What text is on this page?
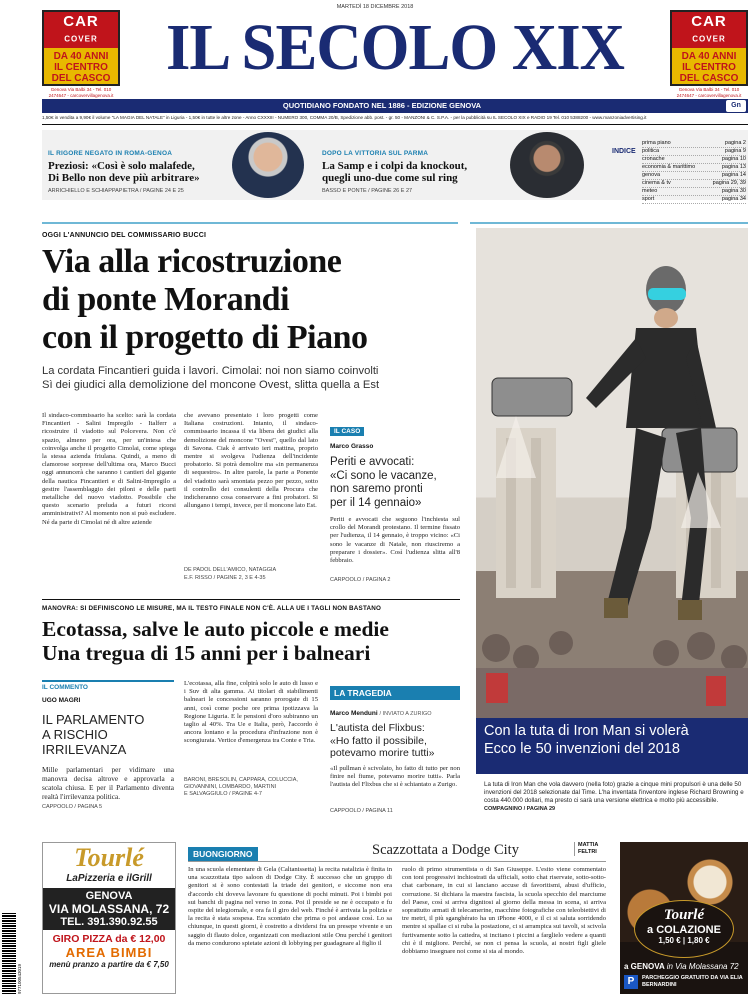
MARTEDÌ 18 DICEMBRE 2018
CAR COVER
DA 40 ANNI
IL CENTRO
DEL CASCO
Genova Via Balbi 34 - Tel. 010 2474647 - carcovervillagenova.it
CAR COVER
DA 40 ANNI
IL CENTRO
DEL CASCO
Genova Via Balbi 34 - Tel. 010 2474647 - carcovervillagenova.it
IL SECOLO XIX
QUOTIDIANO FONDATO NEL 1886 - EDIZIONE GENOVA	Gn
1,50€ in vendita a 9,90€ il volume "LA MAGIA DEL NATALE" in Liguria - 1,50€ in tutte le altre zone - Anno CXXXIII - NUMERO 300, COMMA 20/B, Spedizione abb. post. - gr. 50 - MANZONI & C. S.P.A. - per la pubblicità su IL SECOLO XIX e RADIO 19 Tel. 010 5388200 - www.manzoniadvertising.it
IL RIGORE NEGATO IN ROMA-GENOA
Preziosi: «Così è solo malafede,
Di Bello non deve più arbitrare»
ARRICHIELLO E SCHIAPPAPIETRA / PAGINE 24 E 25
DOPO LA VITTORIA SUL PARMA
La Samp e i colpi da knockout,
quegli uno-due come sul ring
BASSO E PONTE / PAGINE 26 E 27
INDICE
prima piano	pagina 2
politica	pagina 9
cronache	pagina 10
economia & marittimo	pagina 13
genova	pagina 14
cinema & tv	pagina 29, 39
meteo	pagina 30
sport	pagina 34
OGGI L'ANNUNCIO DEL COMMISSARIO BUCCI
Via alla ricostruzione
di ponte Morandi
con il progetto di Piano
La cordata Fincantieri guida i lavori. Cimolai: noi non siamo coinvolti
Sì dei giudici alla demolizione del moncone Ovest, slitta quella a Est

Il sindaco-commissario ha scelto: sarà la cordata Fincantieri - Salini Impregilo - Italferr a ricostruire il viadotto sul Polcevera. Non c'è spazio, almeno per ora, per un'intesa che coinvolga anche il progetto Cimolai, come spiega la stessa azienda friulana. Quindi, a meno di clamorose sorprese dell'ultima ora, Marco Bucci oggi annuncerà che saranno i cantieri del gigante della nautica Fincantieri e di Salini-Impregilo a gestire l'assemblaggio dei piloni e delle parti metalliche del nuovo viadotto. Possibile che questo scenario preluda a futuri ricorsi amministrativi? Al momento non si può escludere. Né da parte di Cimolai né di altre aziende

che avevano presentato i loro progetti come Italiana costruzioni. Intanto, il sindaco-commissario incassa il via libera dei giudici alla demolizione del moncone "Ovest", quello dal lato di Savona. Ciak è arrivato ieri mattina, proprio mentre si svolgeva l'udienza dell'incidente probatorio. Si potrà demolire ma «in permanenza di sequestro». In altre parole, la parte a Ponente del viadotto sarà smontata pezzo per pezzo, sotto il controllo dei consulenti della Procura che indicheranno cosa conservare a fini probatori. Si allungano i tempi, invece, per il moncone lato Est.

DE PADOL DELL'AMICO, NATAGGIA
E.F. RISSO / PAGINE 2, 3 E 4-35
IL CASO
Marco Grasso
Periti e avvocati:
«Ci sono le vacanze,
non saremo pronti
per il 14 gennaio»

Periti e avvocati che seguono l'inchiesta sul crollo del Morandi protestano. Il termine fissato per l'udienza, il 14 gennaio, è troppo vicino: «Ci sono le vacanze di Natale, non riusciremo a preparare i dossier». Così l'udienza slitta all'8 febbraio.

CARPOOLO / PAGINA 2
Con la tuta di Iron Man si volerà
Ecco le 50 invenzioni del 2018
La tuta di Iron Man che vola davvero (nella foto) grazie a cinque mini propulsori è una delle 50 invenzioni del 2018 selezionate dal Time. L'ha inventata l'inventore inglese Richard Browning e costa 440.000 dollari, ma presto ci sarà una versione elettrica e molto più accessibile. COMPAGNINO / PAGINA 29
MANOVRA: SI DEFINISCONO LE MISURE, MA IL TESTO FINALE NON C'È. ALLA UE I TAGLI NON BASTANO
Ecotassa, salve le auto piccole e medie
Una tregua di 15 anni per i balneari
IL COMMENTO
UGO MAGRI
IL PARLAMENTO
A RISCHIO
IRRILEVANZA

Mille parlamentari per vidimare una manovra decisa altrove e approvarla a scatola chiusa. E per il Parlamento diventa realtà l'irrilevanza politica.

CAPPOOLO / PAGINA 5

L'ecotassa, alla fine, colpirà solo le auto di lusso e i Suv di alta gamma. Ai titolari di stabilimenti balneari le concessioni saranno prorogate di 15 anni, così come poche ore prima ipotizzava la Regione Liguria. E le pensioni d'oro subiranno un taglio al 40%. Tra Ue e Italia, però, l'accordo è ancora lontano e la procedura d'infrazione non è scongiurata. Vertice d'emergenza tra Conte e Tria.

BARONI, BRESOLIN, CAPPARA, COLUCCIA, GIOVANNINI, LOMBARDO, MARTINI
E SALVAGGIULO / PAGINE 4-7
LA TRAGEDIA
Marco Menduni / INVIATO A ZURIGO
L'autista del Flixbus:
«Ho fatto il possibile,
potevamo morire tutti»

«Il pullman è scivolato, ho fatto di tutto per non finire nel fiume, potevamo morire tutti». Parla l'autista del Flixbus che si è schiantato a Zurigo.

CAPPOOLO / PAGINA 11
Tourlé
LaPizzeria e ilGrill
GENOVA
VIA MOLASSANA, 72
TEL. 391.390.92.55
GIRO PIZZA da € 12,00
AREA BIMBI
menù pranzo a partire da € 7,50
977100543019
BUONGIORNO	Scazzottata a Dodge City	MATTIA FELTRI

In una scuola elementare di Gela (Caltanissetta) la recita natalizia è finita in una scazzottata tipo saloon di Dodge City. È successo che un gruppo di genitori si è sono contestati la triade dei genitori, e siccome non era d'accordo chi doveva lavorare fu questione di pochi minuti. Poi i bimbi poi sui banchi di pagina nel verso in zona. Poi il preside se ne è occupato e fu ospite del telegiornale, e ora fa il giro del web. Finché è arrivata la polizia e la recita è stata sospesa. Era scontato che prima o poi andasse così. Lo sa chiunque, in questi giorni, è costretto a dividersi fra un presepe vivente e un saggio di flauto dolce, organizzati con mediazioni stile Onu perché i genitori da meno condurono spietate azioni di lobbying per guadagnare al figlio il

ruolo di primo strumentista o di San Giuseppe. L'esito viene commentato con toni progressivi inchiostrati da ufficiali, sotto chat riservate, sotto-sotto-chat carbonare, in cui si lanciano accuse di favoritismi, abusi d'ufficio, corruzione. Si dichiara la maestra fascista, la scuola specchio del marciume del Paese, così si arriva dignitosi al giorno della messa in scena, si arriva soprattutto armati di telecamerine, macchine fotografiche con teleobiettivi di tre metri, il più sganghérato ha un iPhone 4000, e il ci si saluta sorridendo mentre si spallae ci si ruba la postazione, ci si arrampica sui tavoli, si scivola furtivamente sotto la cattedra, si incitano i piccini a farglielo vedere a quanti chi è il migliore. Perché, se non ci pensa la scuola, ai nostri figli gliele dobbiamo insegnare noi come si sta al mondo.

Tourlé
a COLAZIONE
1,50 € | 1,80 €
a GENOVA in Via Molassana 72
P	PARCHEGGIO GRATUITO DA VIA ELIA BERNARDINI
